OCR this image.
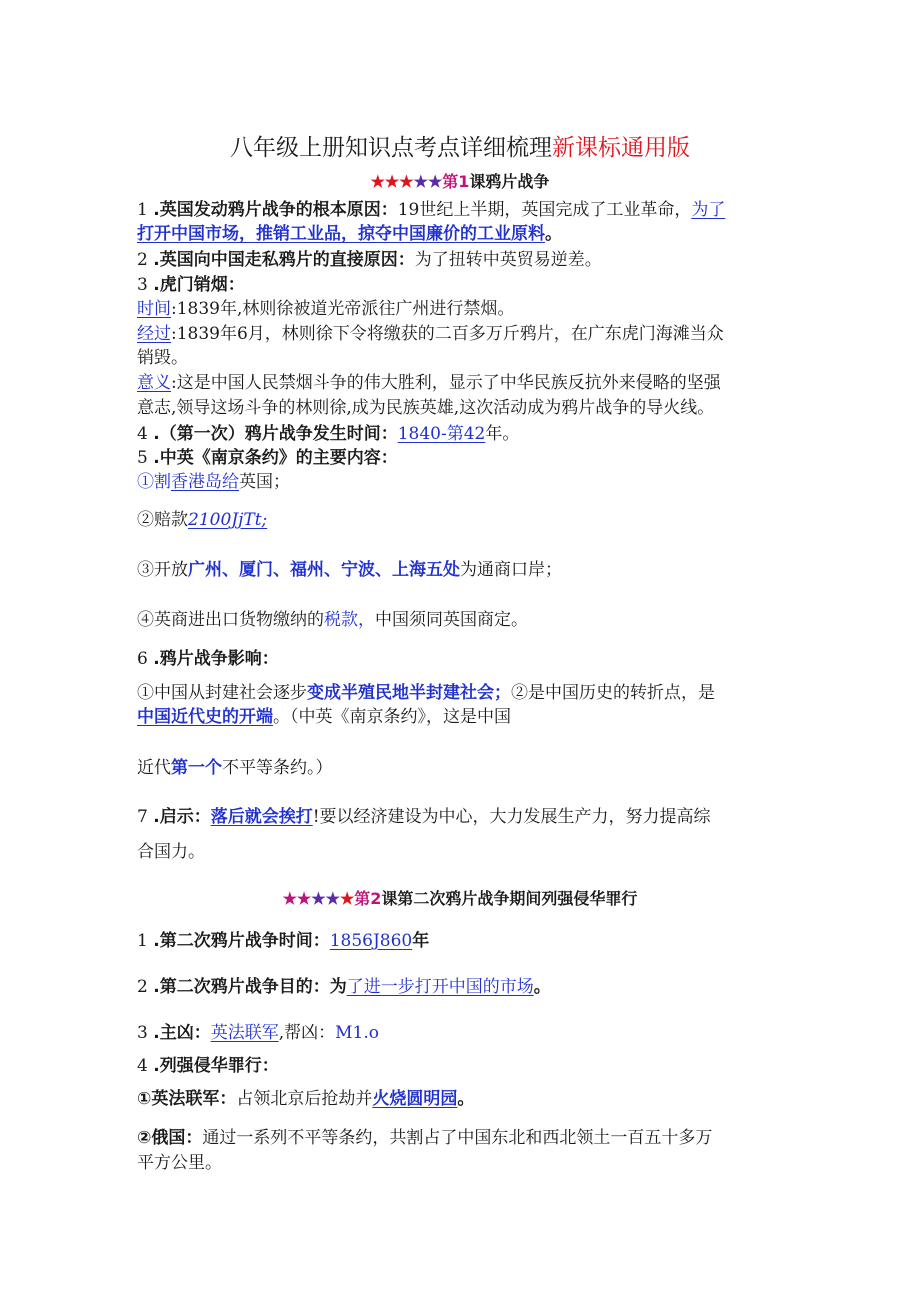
八年级上册知识点考点详细梳理新课标通用版
★★★★★第1课鸦片战争
1 .英国发动鸦片战争的根本原因：19世纪上半期，英国完成了工业革命，为了
打开中国市场，推销工业品，掠夺中国廉价的工业原料。
2 .英国向中国走私鸦片的直接原因：为了扭转中英贸易逆差。
3 .虎门销烟：
时间:1839年,林则徐被道光帝派往广州进行禁烟。
经过:1839年6月，林则徐下令将缴获的二百多万斤鸦片，在广东虎门海滩当众
销毁。
意义:这是中国人民禁烟斗争的伟大胜利，显示了中华民族反抗外来侵略的坚强
意志,领导这场斗争的林则徐,成为民族英雄,这次活动成为鸦片战争的导火线。
4 .（第一次）鸦片战争发生时间：1840-第42年。
5 .中英《南京条约》的主要内容：
①割香港岛给英国；
②赔款2100JjTt;
③开放广州、厦门、福州、宁波、上海五处为通商口岸；
④英商进出口货物缴纳的税款，中国须同英国商定。
6 .鸦片战争影响：
①中国从封建社会逐步变成半殖民地半封建社会；②是中国历史的转折点，是
中国近代史的开端。（中英《南京条约》，这是中国
近代第一个不平等条约。）
7 .启示：落后就会挨打!要以经济建设为中心，大力发展生产力，努力提高综
合国力。
★★★★★第2课第二次鸦片战争期间列强侵华罪行
1 .第二次鸦片战争时间：1856J860年
2 .第二次鸦片战争目的：为了进一步打开中国的市场。
3 .主凶：英法联军,帮凶：M1.o
4 .列强侵华罪行：
①英法联军：占领北京后抢劫并火烧圆明园。
②俄国：通过一系列不平等条约，共割占了中国东北和西北领土一百五十多万
平方公里。
